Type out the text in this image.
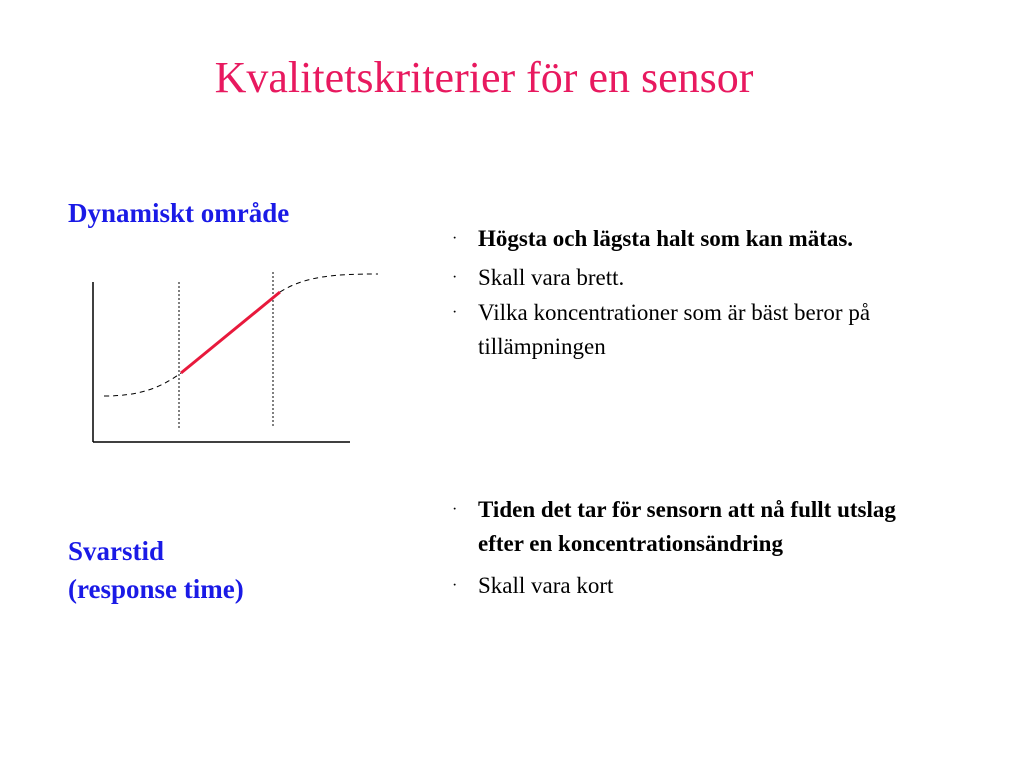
Kvalitetskriterier för en sensor
Dynamiskt område
· Högsta och lägsta halt som kan mätas.
· Skall vara brett.
· Vilka koncentrationer som är bäst beror på tillämpningen
Svarstid
(response time)
· Tiden det tar för sensorn att nå fullt utslag efter en koncentrationsändring
· Skall vara kort
